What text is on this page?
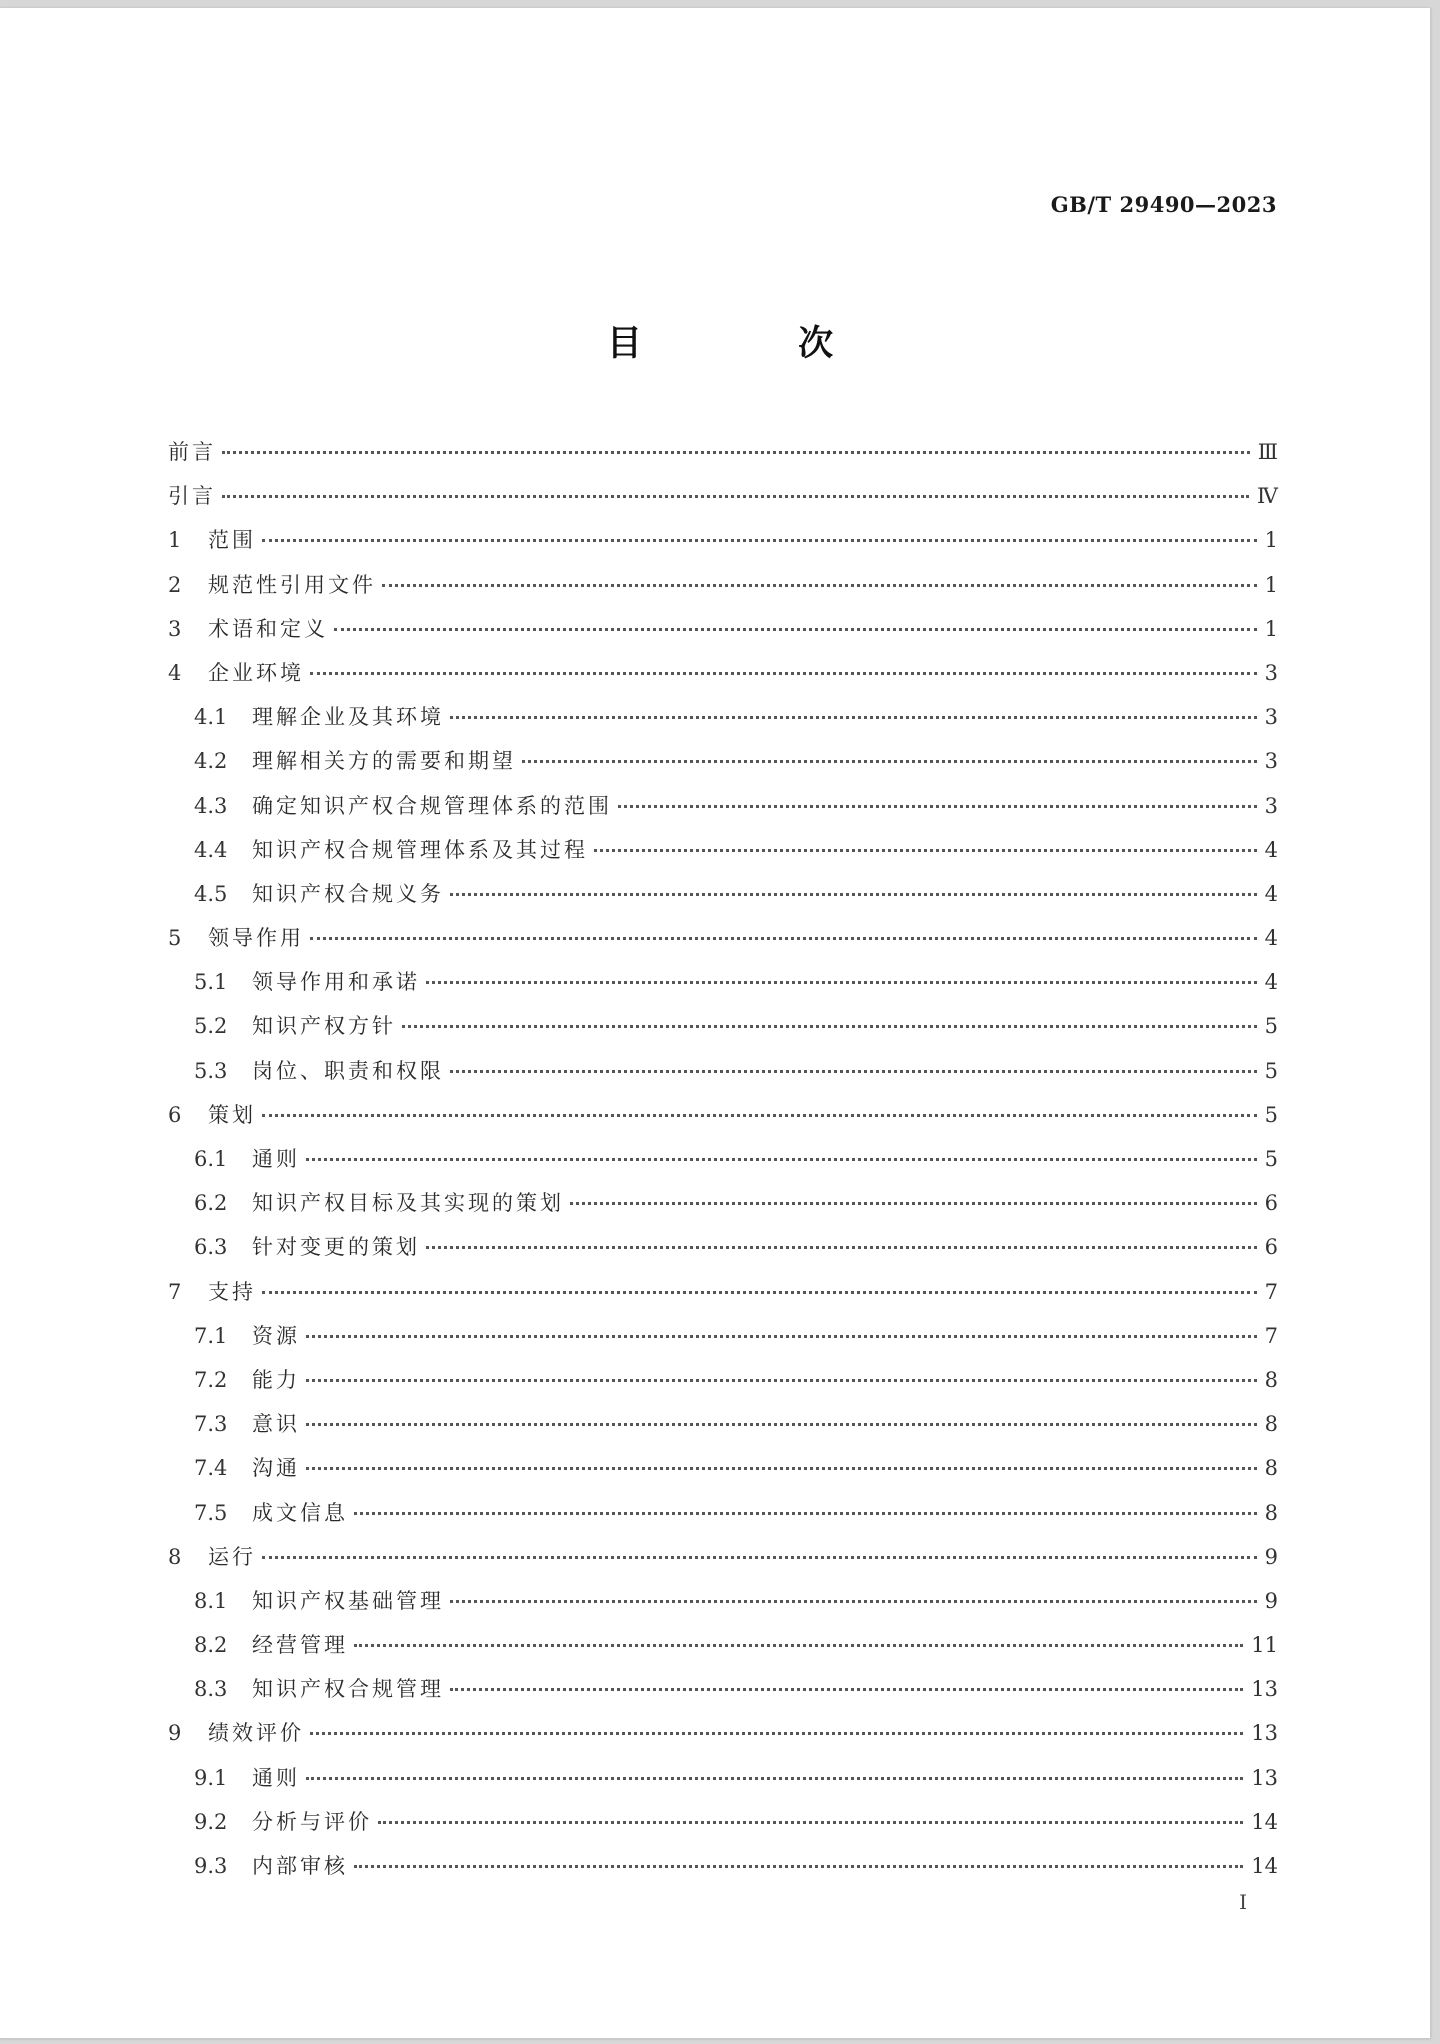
GB/T 29490—2023
目 次
前言	Ⅲ
引言	Ⅳ
1	范围	1
2	规范性引用文件	1
3	术语和定义	1
4	企业环境	3
4.1	理解企业及其环境	3
4.2	理解相关方的需要和期望	3
4.3	确定知识产权合规管理体系的范围	3
4.4	知识产权合规管理体系及其过程	4
4.5	知识产权合规义务	4
5	领导作用	4
5.1	领导作用和承诺	4
5.2	知识产权方针	5
5.3	岗位、职责和权限	5
6	策划	5
6.1	通则	5
6.2	知识产权目标及其实现的策划	6
6.3	针对变更的策划	6
7	支持	7
7.1	资源	7
7.2	能力	8
7.3	意识	8
7.4	沟通	8
7.5	成文信息	8
8	运行	9
8.1	知识产权基础管理	9
8.2	经营管理	11
8.3	知识产权合规管理	13
9	绩效评价	13
9.1	通则	13
9.2	分析与评价	14
9.3	内部审核	14
I
